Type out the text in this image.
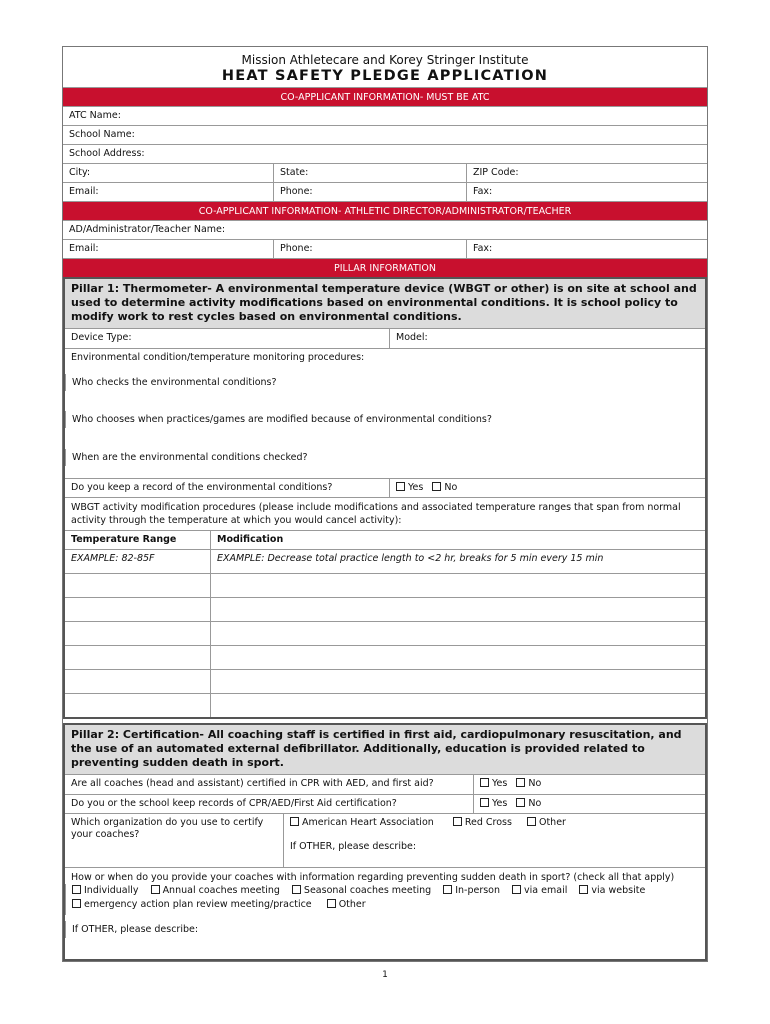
Mission Athletecare and Korey Stringer Institute
HEAT SAFETY PLEDGE APPLICATION
CO-APPLICANT INFORMATION- MUST BE ATC
ATC Name:
School Name:
School Address:
City:	State:	ZIP Code:
Email:	Phone:	Fax:
CO-APPLICANT INFORMATION- ATHLETIC DIRECTOR/ADMINISTRATOR/TEACHER
AD/Administrator/Teacher Name:
Email:	Phone:	Fax:
PILLAR INFORMATION
Pillar 1: Thermometer- A environmental temperature device (WBGT or other) is on site at school and used to determine activity modifications based on environmental conditions. It is school policy to modify work to rest cycles based on environmental conditions.
Device Type:	Model:
Environmental condition/temperature monitoring procedures:
Who checks the environmental conditions?
Who chooses when practices/games are modified because of environmental conditions?
When are the environmental conditions checked?
Do you keep a record of the environmental conditions?	Yes No
WBGT activity modification procedures (please include modifications and associated temperature ranges that span from normal activity through the temperature at which you would cancel activity):
Temperature Range	Modification
EXAMPLE: 82-85F	EXAMPLE: Decrease total practice length to <2 hr, breaks for 5 min every 15 min
Pillar 2: Certification- All coaching staff is certified in first aid, cardiopulmonary resuscitation, and the use of an automated external defibrillator. Additionally, education is provided related to preventing sudden death in sport.
Are all coaches (head and assistant) certified in CPR with AED, and first aid?	Yes No
Do you or the school keep records of CPR/AED/First Aid certification?	Yes No
Which organization do you use to certify your coaches?
American Heart Association	Red Cross	Other
If OTHER, please describe:
How or when do you provide your coaches with information regarding preventing sudden death in sport? (check all that apply)
Individually	Annual coaches meeting	Seasonal coaches meeting	In-person	via email	via website emergency action plan review meeting/practice	Other
If OTHER, please describe:
1
